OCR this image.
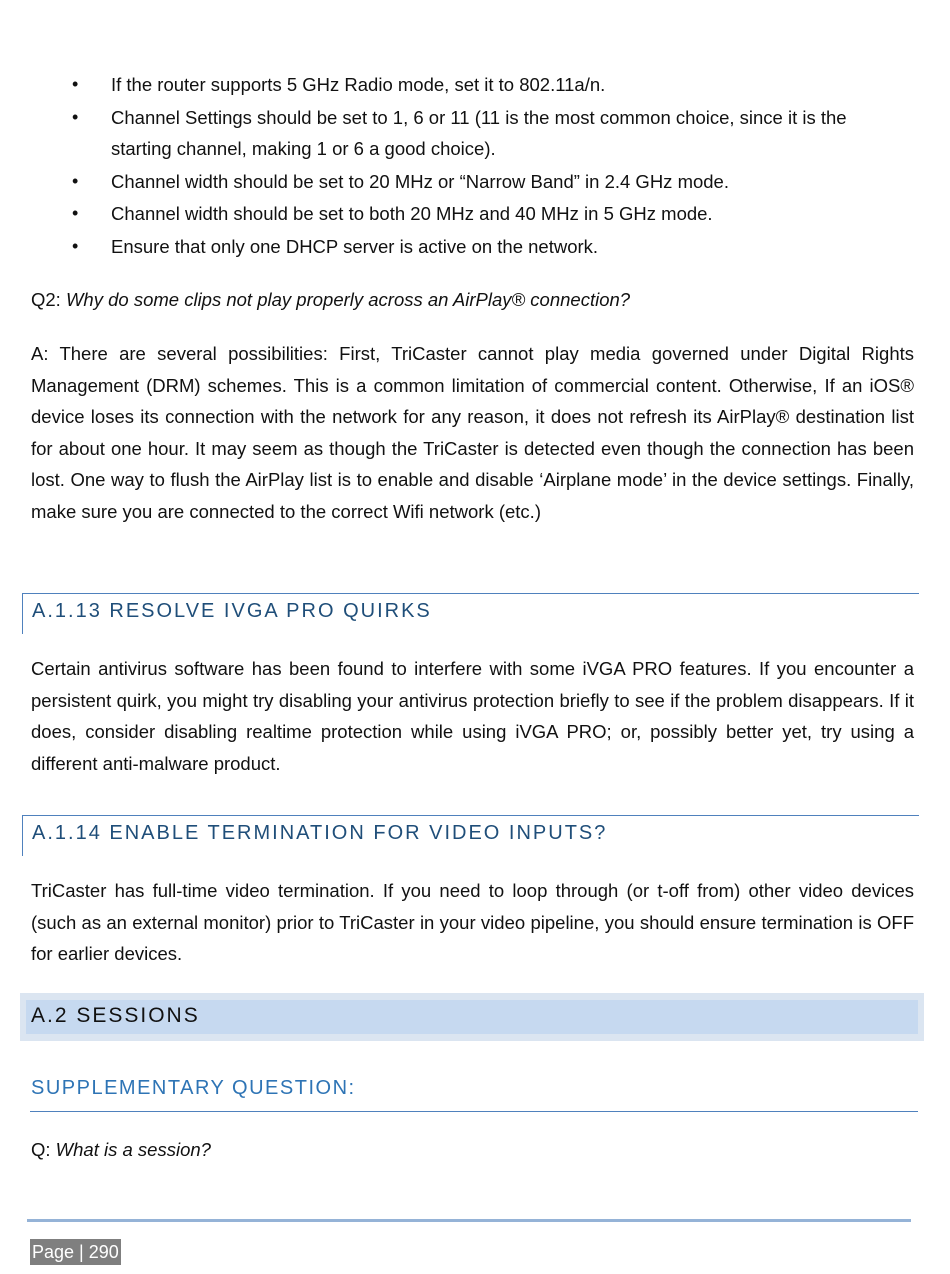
• If the router supports 5 GHz Radio mode, set it to 802.11a/n.
• Channel Settings should be set to 1, 6 or 11 (11 is the most common choice, since it is the starting channel, making 1 or 6 a good choice).
• Channel width should be set to 20 MHz or “Narrow Band” in 2.4 GHz mode.
• Channel width should be set to both 20 MHz and 40 MHz in 5 GHz mode.
• Ensure that only one DHCP server is active on the network.

Q2: Why do some clips not play properly across an AirPlay® connection?

A: There are several possibilities: First, TriCaster cannot play media governed under Digital Rights Management (DRM) schemes. This is a common limitation of commercial content. Otherwise, If an iOS® device loses its connection with the network for any reason, it does not refresh its AirPlay® destination list for about one hour. It may seem as though the TriCaster is detected even though the connection has been lost. One way to flush the AirPlay list is to enable and disable ‘Airplane mode’ in the device settings. Finally, make sure you are connected to the correct Wifi network (etc.)

A.1.13 RESOLVE IVGA PRO QUIRKS

Certain antivirus software has been found to interfere with some iVGA PRO features. If you encounter a persistent quirk, you might try disabling your antivirus protection briefly to see if the problem disappears. If it does, consider disabling realtime protection while using iVGA PRO; or, possibly better yet, try using a different anti-malware product.

A.1.14 ENABLE TERMINATION FOR VIDEO INPUTS?

TriCaster has full-time video termination. If you need to loop through (or t-off from) other video devices (such as an external monitor) prior to TriCaster in your video pipeline, you should ensure termination is OFF for earlier devices.

A.2 SESSIONS
SUPPLEMENTARY QUESTION:

Q: What is a session?

Page | 290
